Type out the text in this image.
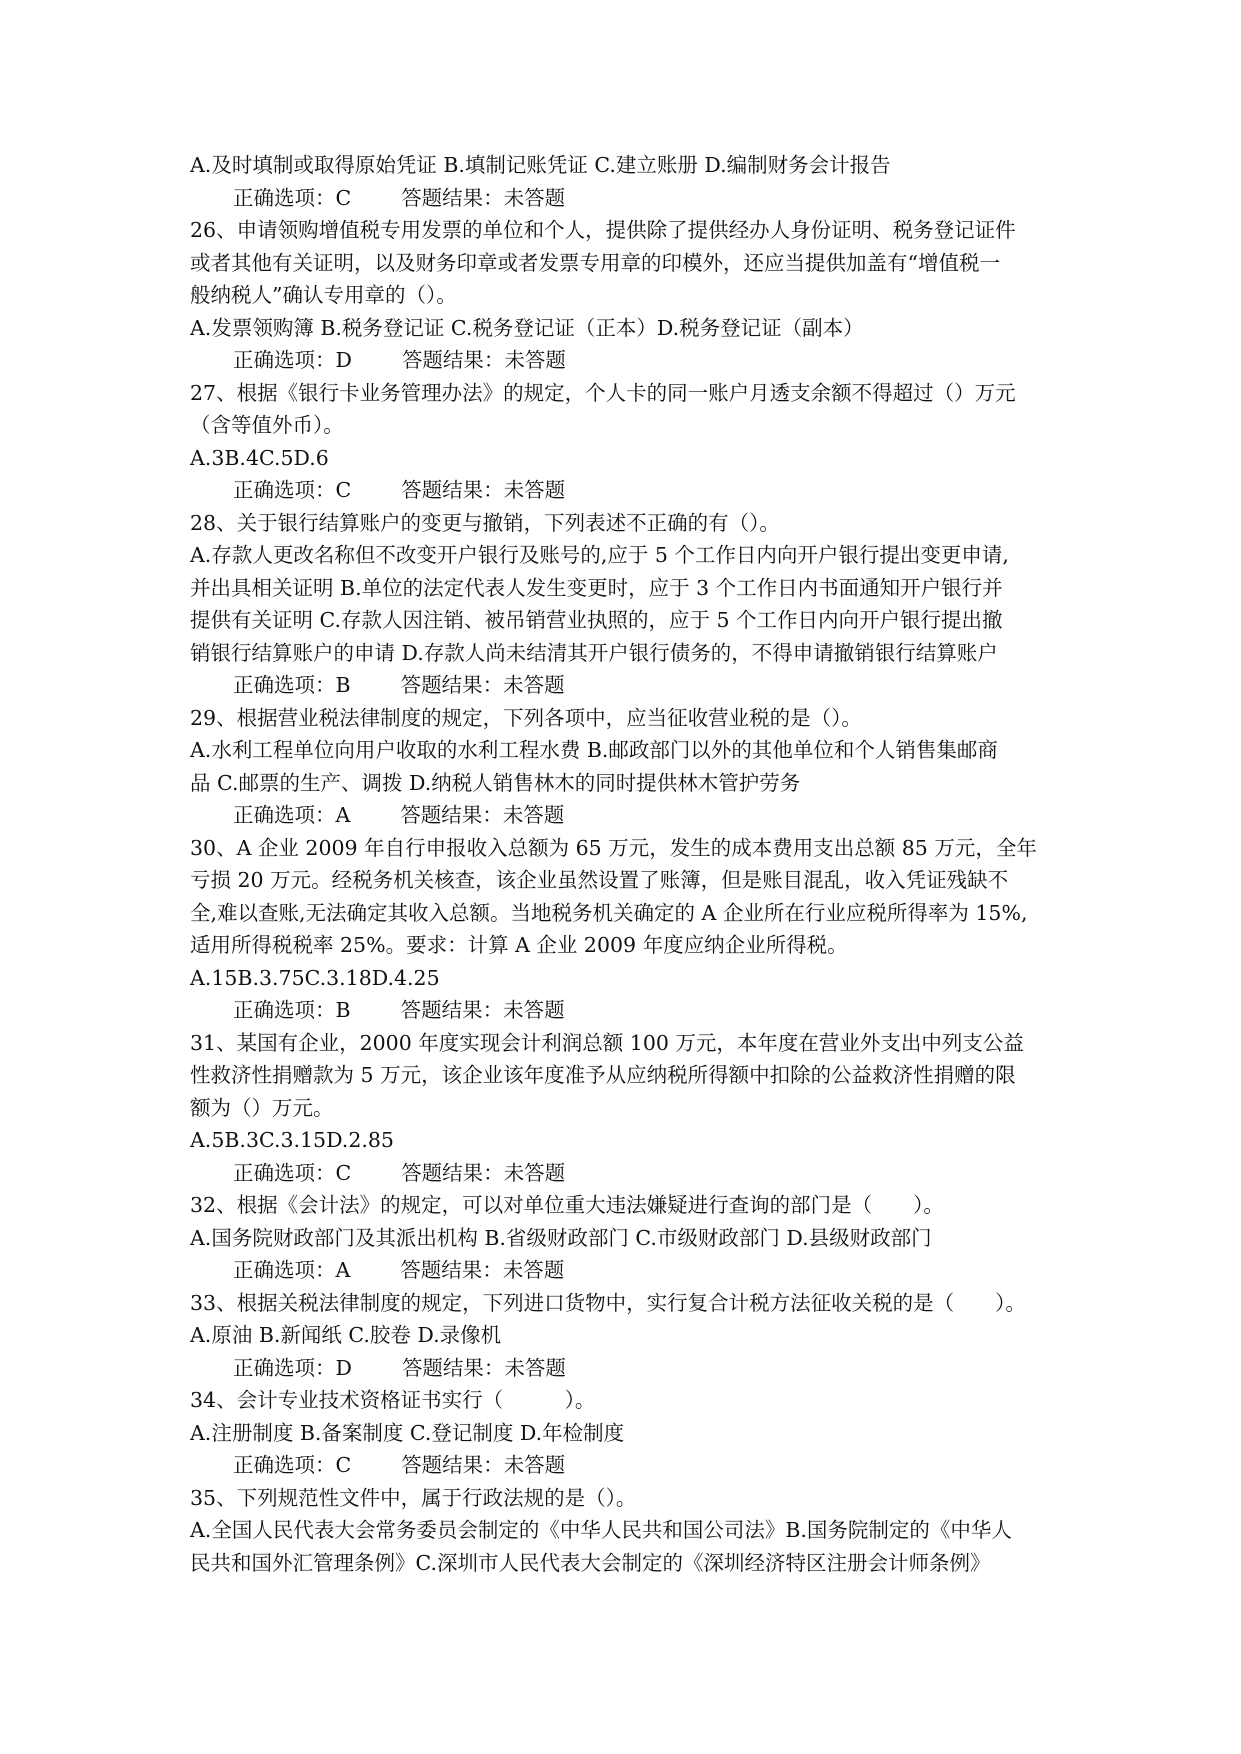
A.及时填制或取得原始凭证 B.填制记账凭证 C.建立账册 D.编制财务会计报告
正确选项：C 答题结果：未答题
26、申请领购增值税专用发票的单位和个人，提供除了提供经办人身份证明、税务登记证件
或者其他有关证明，以及财务印章或者发票专用章的印模外，还应当提供加盖有“增值税一
般纳税人”确认专用章的（）。
A.发票领购簿 B.税务登记证 C.税务登记证（正本）D.税务登记证（副本）
正确选项：D 答题结果：未答题
27、根据《银行卡业务管理办法》的规定，个人卡的同一账户月透支余额不得超过（）万元
（含等值外币）。
A.3B.4C.5D.6
正确选项：C 答题结果：未答题
28、关于银行结算账户的变更与撤销，下列表述不正确的有（）。
A.存款人更改名称但不改变开户银行及账号的,应于 5 个工作日内向开户银行提出变更申请,
并出具相关证明 B.单位的法定代表人发生变更时，应于 3 个工作日内书面通知开户银行并
提供有关证明 C.存款人因注销、被吊销营业执照的，应于 5 个工作日内向开户银行提出撤
销银行结算账户的申请 D.存款人尚未结清其开户银行债务的，不得申请撤销银行结算账户
正确选项：B 答题结果：未答题
29、根据营业税法律制度的规定，下列各项中，应当征收营业税的是（）。
A.水利工程单位向用户收取的水利工程水费 B.邮政部门以外的其他单位和个人销售集邮商
品 C.邮票的生产、调拨 D.纳税人销售林木的同时提供林木管护劳务
正确选项：A 答题结果：未答题
30、A 企业 2009 年自行申报收入总额为 65 万元，发生的成本费用支出总额 85 万元，全年
亏损 20 万元。经税务机关核查，该企业虽然设置了账簿，但是账目混乱，收入凭证残缺不
全,难以查账,无法确定其收入总额。当地税务机关确定的 A 企业所在行业应税所得率为 15%,
适用所得税税率 25%。要求：计算 A 企业 2009 年度应纳企业所得税。
A.15B.3.75C.3.18D.4.25
正确选项：B 答题结果：未答题
31、某国有企业，2000 年度实现会计利润总额 100 万元，本年度在营业外支出中列支公益
性救济性捐赠款为 5 万元，该企业该年度准予从应纳税所得额中扣除的公益救济性捐赠的限
额为（）万元。
A.5B.3C.3.15D.2.85
正确选项：C 答题结果：未答题
32、根据《会计法》的规定，可以对单位重大违法嫌疑进行查询的部门是（　　）。
A.国务院财政部门及其派出机构 B.省级财政部门 C.市级财政部门 D.县级财政部门
正确选项：A 答题结果：未答题
33、根据关税法律制度的规定，下列进口货物中，实行复合计税方法征收关税的是（　　）。
A.原油 B.新闻纸 C.胶卷 D.录像机
正确选项：D 答题结果：未答题
34、会计专业技术资格证书实行（　　　）。
A.注册制度 B.备案制度 C.登记制度 D.年检制度
正确选项：C 答题结果：未答题
35、下列规范性文件中，属于行政法规的是（）。
A.全国人民代表大会常务委员会制定的《中华人民共和国公司法》B.国务院制定的《中华人
民共和国外汇管理条例》C.深圳市人民代表大会制定的《深圳经济特区注册会计师条例》
